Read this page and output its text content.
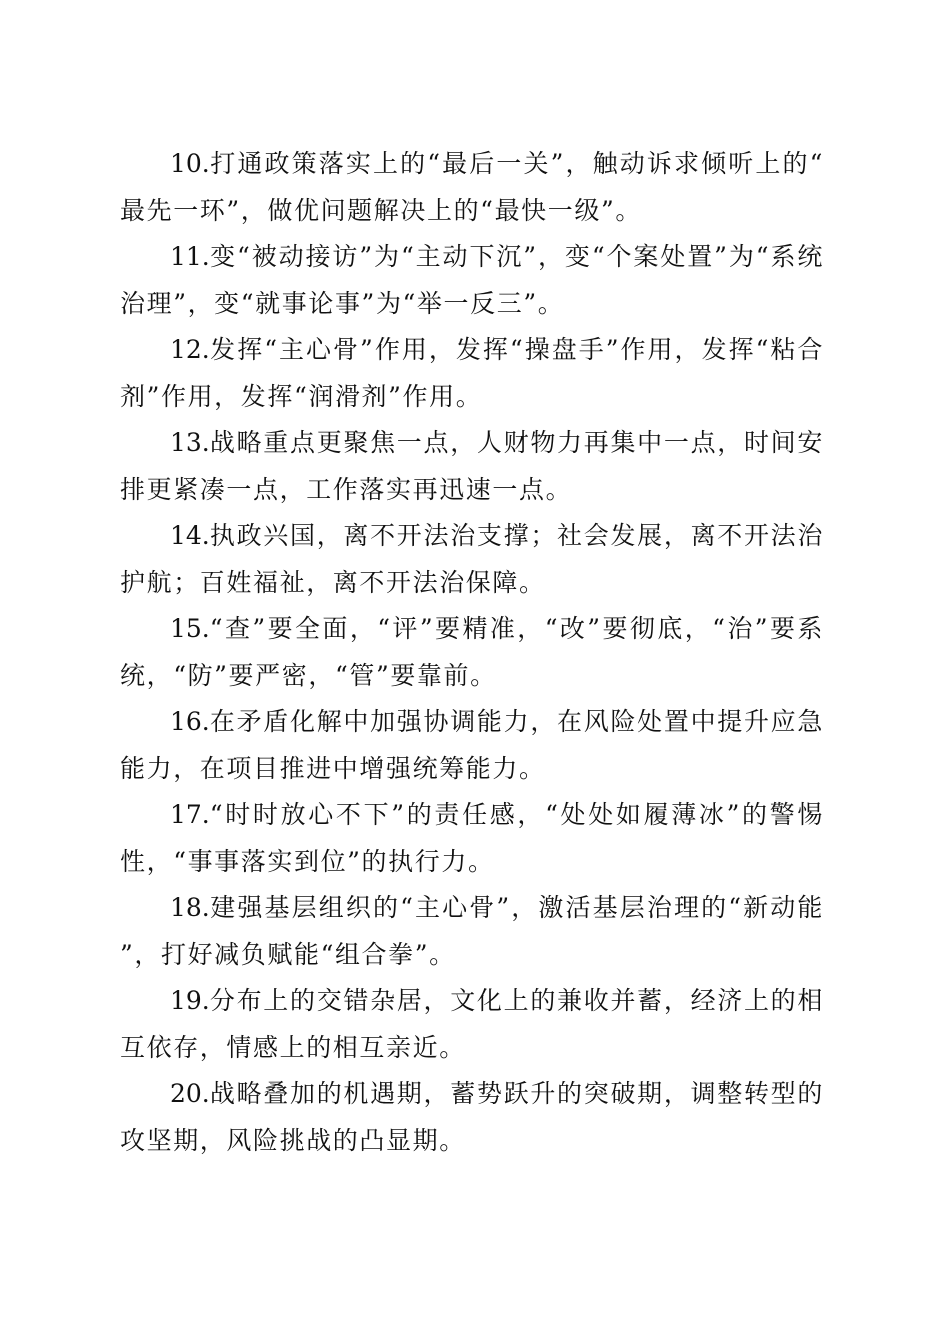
10.打通政策落实上的“最后一关”，触动诉求倾听上的“最先一环”，做优问题解决上的“最快一级”。

11.变“被动接访”为“主动下沉”，变“个案处置”为“系统治理”，变“就事论事”为“举一反三”。

12.发挥“主心骨”作用，发挥“操盘手”作用，发挥“粘合剂”作用，发挥“润滑剂”作用。

13.战略重点更聚焦一点，人财物力再集中一点，时间安排更紧凑一点，工作落实再迅速一点。

14.执政兴国，离不开法治支撑；社会发展，离不开法治护航；百姓福祉，离不开法治保障。

15.“查”要全面，“评”要精准，“改”要彻底，“治”要系统，“防”要严密，“管”要靠前。

16.在矛盾化解中加强协调能力，在风险处置中提升应急能力，在项目推进中增强统筹能力。

17.“时时放心不下”的责任感，“处处如履薄冰”的警惕性，“事事落实到位”的执行力。

18.建强基层组织的“主心骨”，激活基层治理的“新动能”，打好减负赋能“组合拳”。

19.分布上的交错杂居，文化上的兼收并蓄，经济上的相互依存，情感上的相互亲近。

20.战略叠加的机遇期，蓄势跃升的突破期，调整转型的攻坚期，风险挑战的凸显期。
